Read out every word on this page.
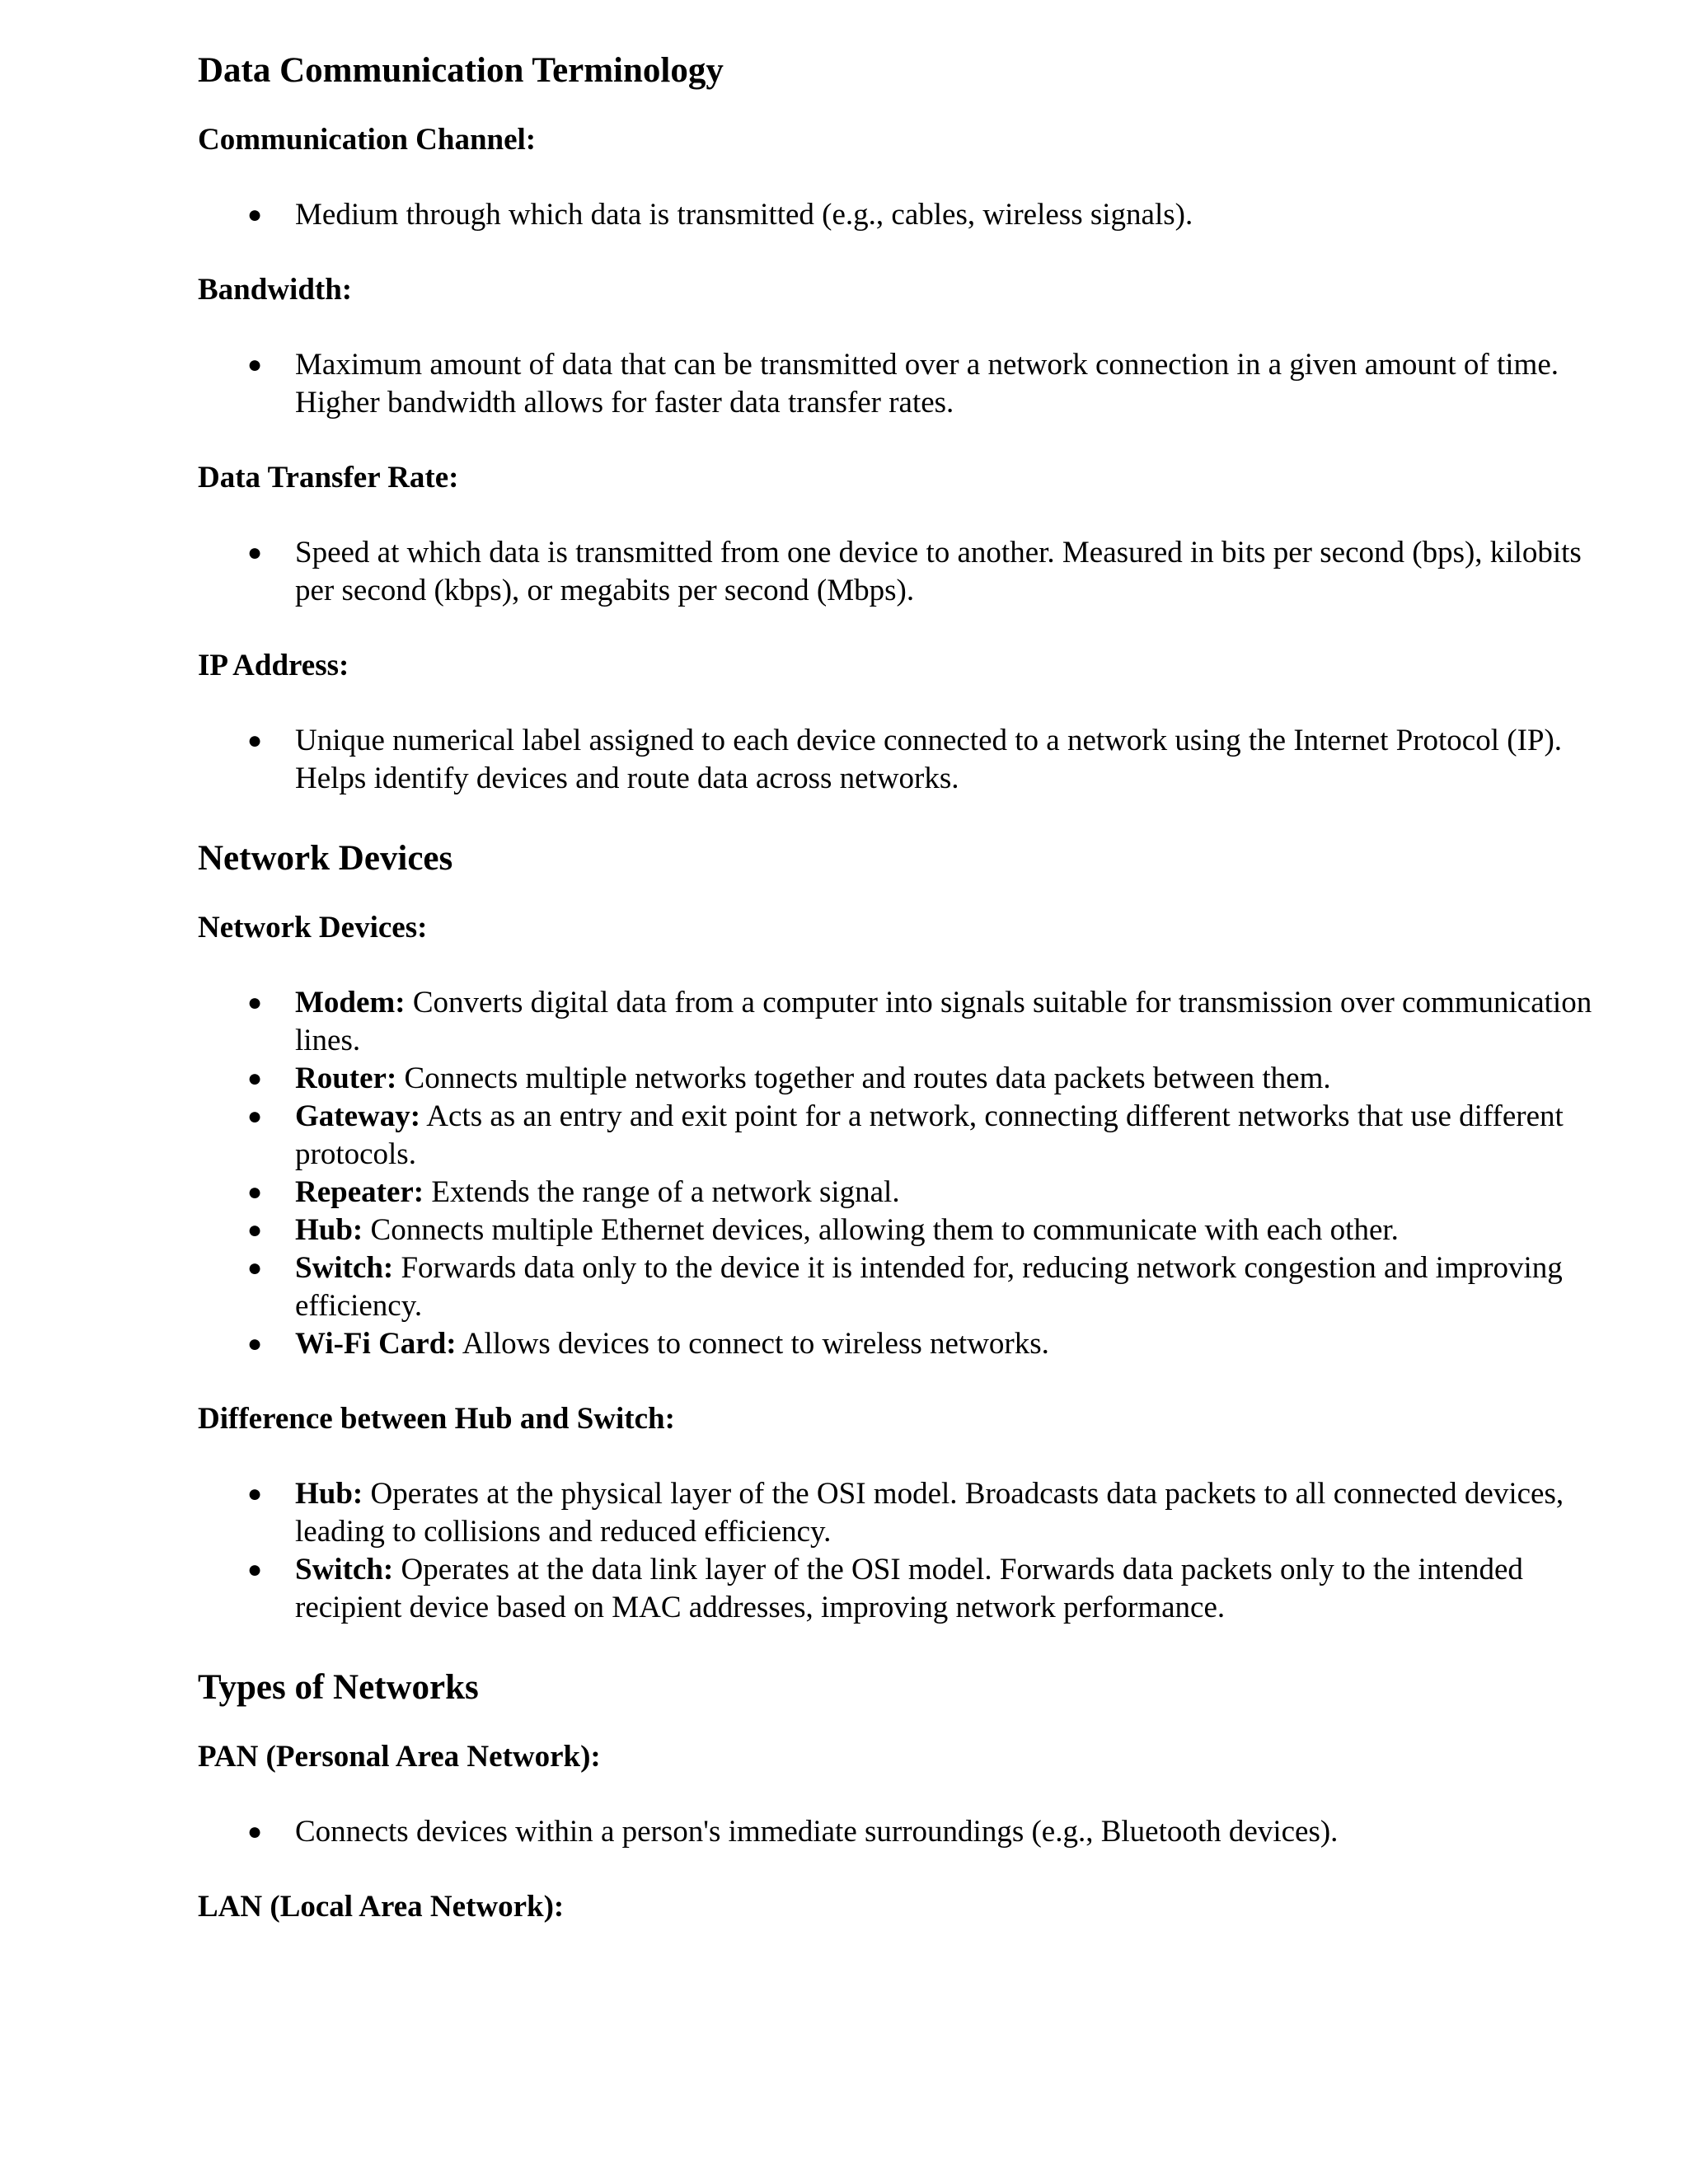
Data Communication Terminology
Communication Channel:
● Medium through which data is transmitted (e.g., cables, wireless signals).
Bandwidth:
● Maximum amount of data that can be transmitted over a network connection in a given amount of time. Higher bandwidth allows for faster data transfer rates.
Data Transfer Rate:
● Speed at which data is transmitted from one device to another. Measured in bits per second (bps), kilobits per second (kbps), or megabits per second (Mbps).
IP Address:
● Unique numerical label assigned to each device connected to a network using the Internet Protocol (IP). Helps identify devices and route data across networks.
Network Devices
Network Devices:
● Modem: Converts digital data from a computer into signals suitable for transmission over communication lines.
● Router: Connects multiple networks together and routes data packets between them.
● Gateway: Acts as an entry and exit point for a network, connecting different networks that use different protocols.
● Repeater: Extends the range of a network signal.
● Hub: Connects multiple Ethernet devices, allowing them to communicate with each other.
● Switch: Forwards data only to the device it is intended for, reducing network congestion and improving efficiency.
● Wi-Fi Card: Allows devices to connect to wireless networks.
Difference between Hub and Switch:
● Hub: Operates at the physical layer of the OSI model. Broadcasts data packets to all connected devices, leading to collisions and reduced efficiency.
● Switch: Operates at the data link layer of the OSI model. Forwards data packets only to the intended recipient device based on MAC addresses, improving network performance.
Types of Networks
PAN (Personal Area Network):
● Connects devices within a person's immediate surroundings (e.g., Bluetooth devices).
LAN (Local Area Network):
